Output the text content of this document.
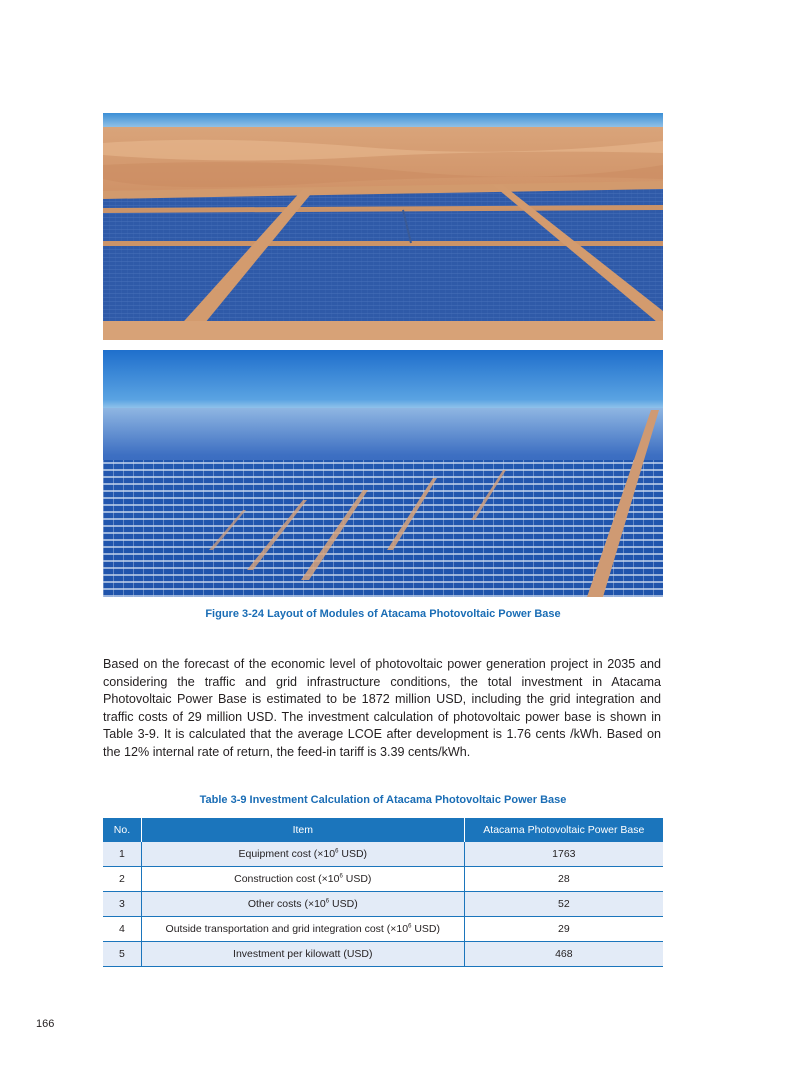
Figure 3-24 Layout of Modules of Atacama Photovoltaic Power Base

Based on the forecast of the economic level of photovoltaic power generation project in 2035 and considering the traffic and grid infrastructure conditions, the total investment in Atacama Photovoltaic Power Base is estimated to be 1872 million USD, including the grid integration and traffic costs of 29 million USD. The investment calculation of photovoltaic power base is shown in Table 3-9. It is calculated that the average LCOE after development is 1.76 cents /kWh. Based on the 12% internal rate of return, the feed-in tariff is 3.39 cents/kWh.

Table 3-9 Investment Calculation of Atacama Photovoltaic Power Base
No.	Item	Atacama Photovoltaic Power Base
1	Equipment cost ($\times 10^6$ USD)	1763
2	Construction cost ($\times 10^6$ USD)	28
3	Other costs ($\times 10^6$ USD)	52
4	Outside transportation and grid integration cost ($\times 10^6$ USD)	29
5	Investment per kilowatt (USD)	468
166
